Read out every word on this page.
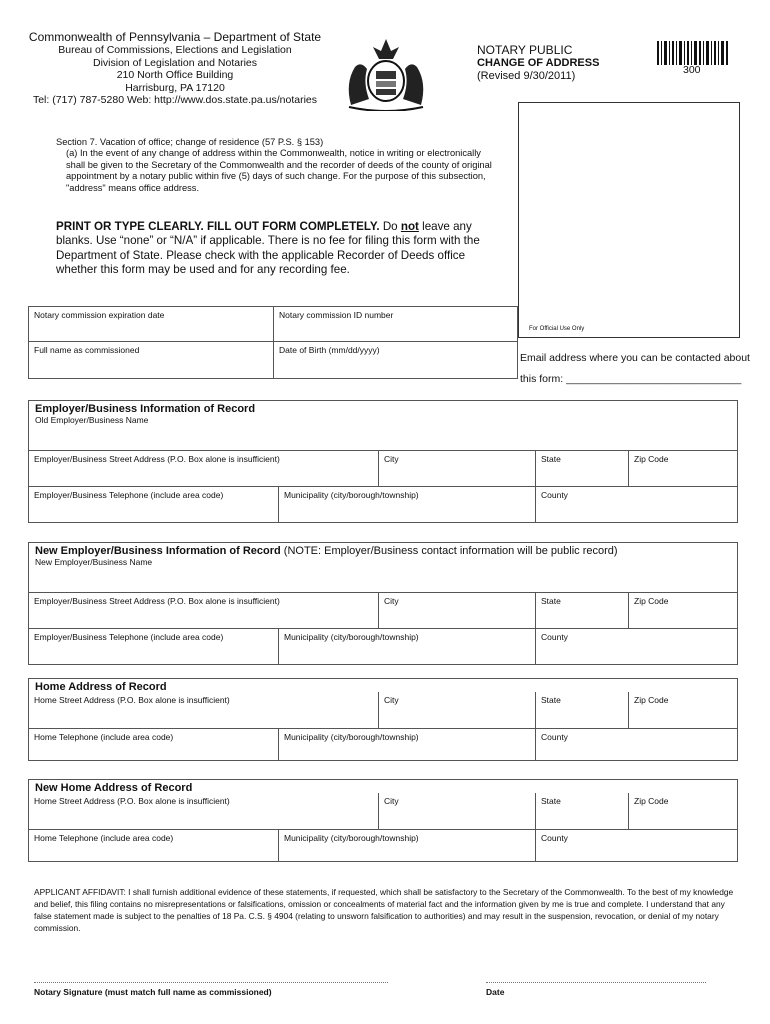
Commonwealth of Pennsylvania – Department of State
Bureau of Commissions, Elections and Legislation
Division of Legislation and Notaries
210 North Office Building
Harrisburg, PA 17120
Tel: (717) 787-5280 Web: http://www.dos.state.pa.us/notaries
NOTARY PUBLIC
CHANGE OF ADDRESS
(Revised 9/30/2011)	300
Section 7. Vacation of office; change of residence (57 P.S. § 153)
(a) In the event of any change of address within the Commonwealth, notice in writing or electronically shall be given to the Secretary of the Commonwealth and the recorder of deeds of the county of original appointment by a notary public within five (5) days of such change. For the purpose of this subsection, "address" means office address.
PRINT OR TYPE CLEARLY. FILL OUT FORM COMPLETELY. Do not leave any blanks. Use “none” or “N/A” if applicable. There is no fee for filing this form with the Department of State. Please check with the applicable Recorder of Deeds office whether this form may be used and for any recording fee.
For Official Use Only
Email address where you can be contacted about
this form: ______________________________
Notary commission expiration date	Notary commission ID number
Full name as commissioned	Date of Birth (mm/dd/yyyy)
Employer/Business Information of Record
Old Employer/Business Name
Employer/Business Street Address (P.O. Box alone is insufficient)	City	State	Zip Code
Employer/Business Telephone (include area code)	Municipality (city/borough/township)	County
New Employer/Business Information of Record (NOTE: Employer/Business contact information will be public record)
New Employer/Business Name
Employer/Business Street Address (P.O. Box alone is insufficient)	City	State	Zip Code
Employer/Business Telephone (include area code)	Municipality (city/borough/township)	County
Home Address of Record
Home Street Address (P.O. Box alone is insufficient)	City	State	Zip Code
Home Telephone (include area code)	Municipality (city/borough/township)	County
New Home Address of Record
Home Street Address (P.O. Box alone is insufficient)	City	State	Zip Code
Home Telephone (include area code)	Municipality (city/borough/township)	County
APPLICANT AFFIDAVIT: I shall furnish additional evidence of these statements, if requested, which shall be satisfactory to the Secretary of the Commonwealth. To the best of my knowledge and belief, this filing contains no misrepresentations or falsifications, omission or concealments of material fact and the information given by me is true and complete. I understand that any false statement made is subject to the penalties of 18 Pa. C.S. § 4904 (relating to unsworn falsification to authorities) and may result in the suspension, revocation, or denial of my notary commission.
Notary Signature (must match full name as commissioned)	Date
